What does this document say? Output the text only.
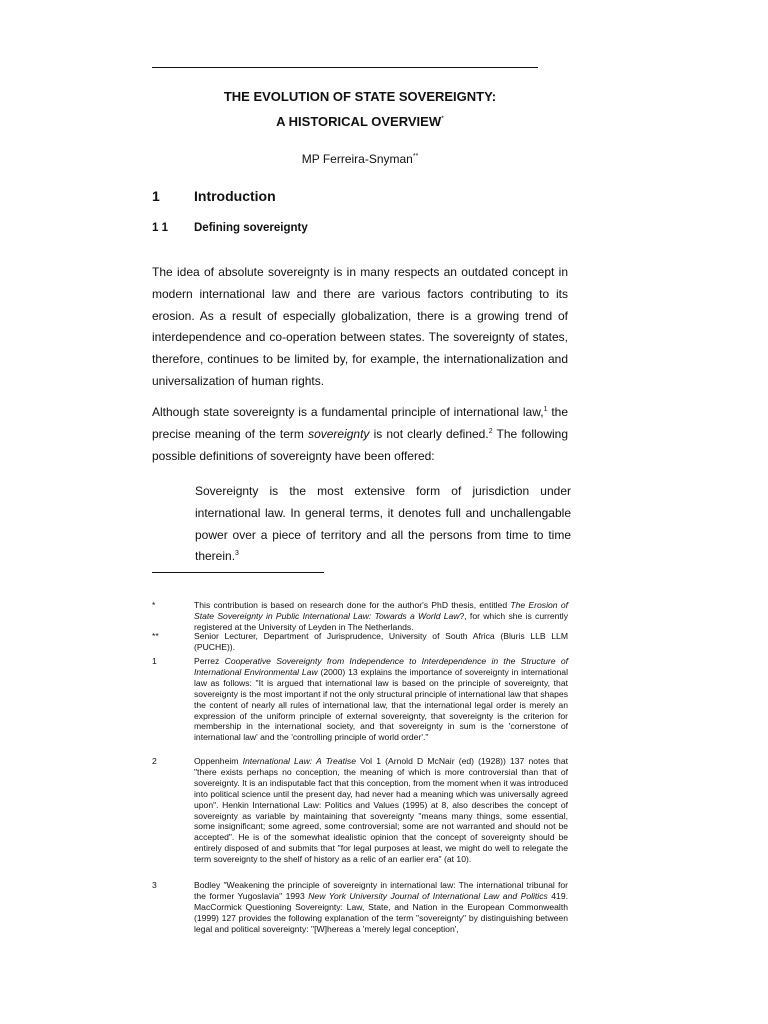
THE EVOLUTION OF STATE SOVEREIGNTY:
A HISTORICAL OVERVIEW*
MP Ferreira-Snyman**
1 Introduction
1 1 Defining sovereignty

The idea of absolute sovereignty is in many respects an outdated concept in modern international law and there are various factors contributing to its erosion. As a result of especially globalization, there is a growing trend of interdependence and co-operation between states. The sovereignty of states, therefore, continues to be limited by, for example, the internationalization and universalization of human rights.

Although state sovereignty is a fundamental principle of international law,$^1$ the precise meaning of the term sovereignty is not clearly defined.$^2$ The following possible definitions of sovereignty have been offered:

Sovereignty is the most extensive form of jurisdiction under international law. In general terms, it denotes full and unchallengable power over a piece of territory and all the persons from time to time therein.$^3$

*	This contribution is based on research done for the author's PhD thesis, entitled The Erosion of State Sovereignty in Public International Law: Towards a World Law?, for which she is currently registered at the University of Leyden in The Netherlands.
**	Senior Lecturer, Department of Jurisprudence, University of South Africa (Bluris LLB LLM (PUCHE)).
1	Perrez Cooperative Sovereignty from Independence to Interdependence in the Structure of International Environmental Law (2000) 13 explains the importance of sovereignty in international law as follows: "It is argued that international law is based on the principle of sovereignty, that sovereignty is the most important if not the only structural principle of international law that shapes the content of nearly all rules of international law, that the international legal order is merely an expression of the uniform principle of external sovereignty, that sovereignty is the criterion for membership in the international society, and that sovereignty in sum is the 'cornerstone of international law' and the 'controlling principle of world order'."
2	Oppenheim International Law: A Treatise Vol 1 (Arnold D McNair (ed) (1928)) 137 notes that "there exists perhaps no conception, the meaning of which is more controversial than that of sovereignty. It is an indisputable fact that this conception, from the moment when it was introduced into political science until the present day, had never had a meaning which was universally agreed upon". Henkin International Law: Politics and Values (1995) at 8, also describes the concept of sovereignty as variable by maintaining that sovereignty "means many things, some essential, some insignificant; some agreed, some controversial; some are not warranted and should not be accepted". He is of the somewhat idealistic opinion that the concept of sovereignty should be entirely disposed of and submits that "for legal purposes at least, we might do well to relegate the term sovereignty to the shelf of history as a relic of an earlier era" (at 10).
3	Bodley "Weakening the principle of sovereignty in international law: The international tribunal for the former Yugoslavia" 1993 New York University Journal of International Law and Politics 419. MacCormick Questioning Sovereignty: Law, State, and Nation in the European Commonwealth (1999) 127 provides the following explanation of the term "sovereignty" by distinguishing between legal and political sovereignty: "[W]hereas a 'merely legal conception',
